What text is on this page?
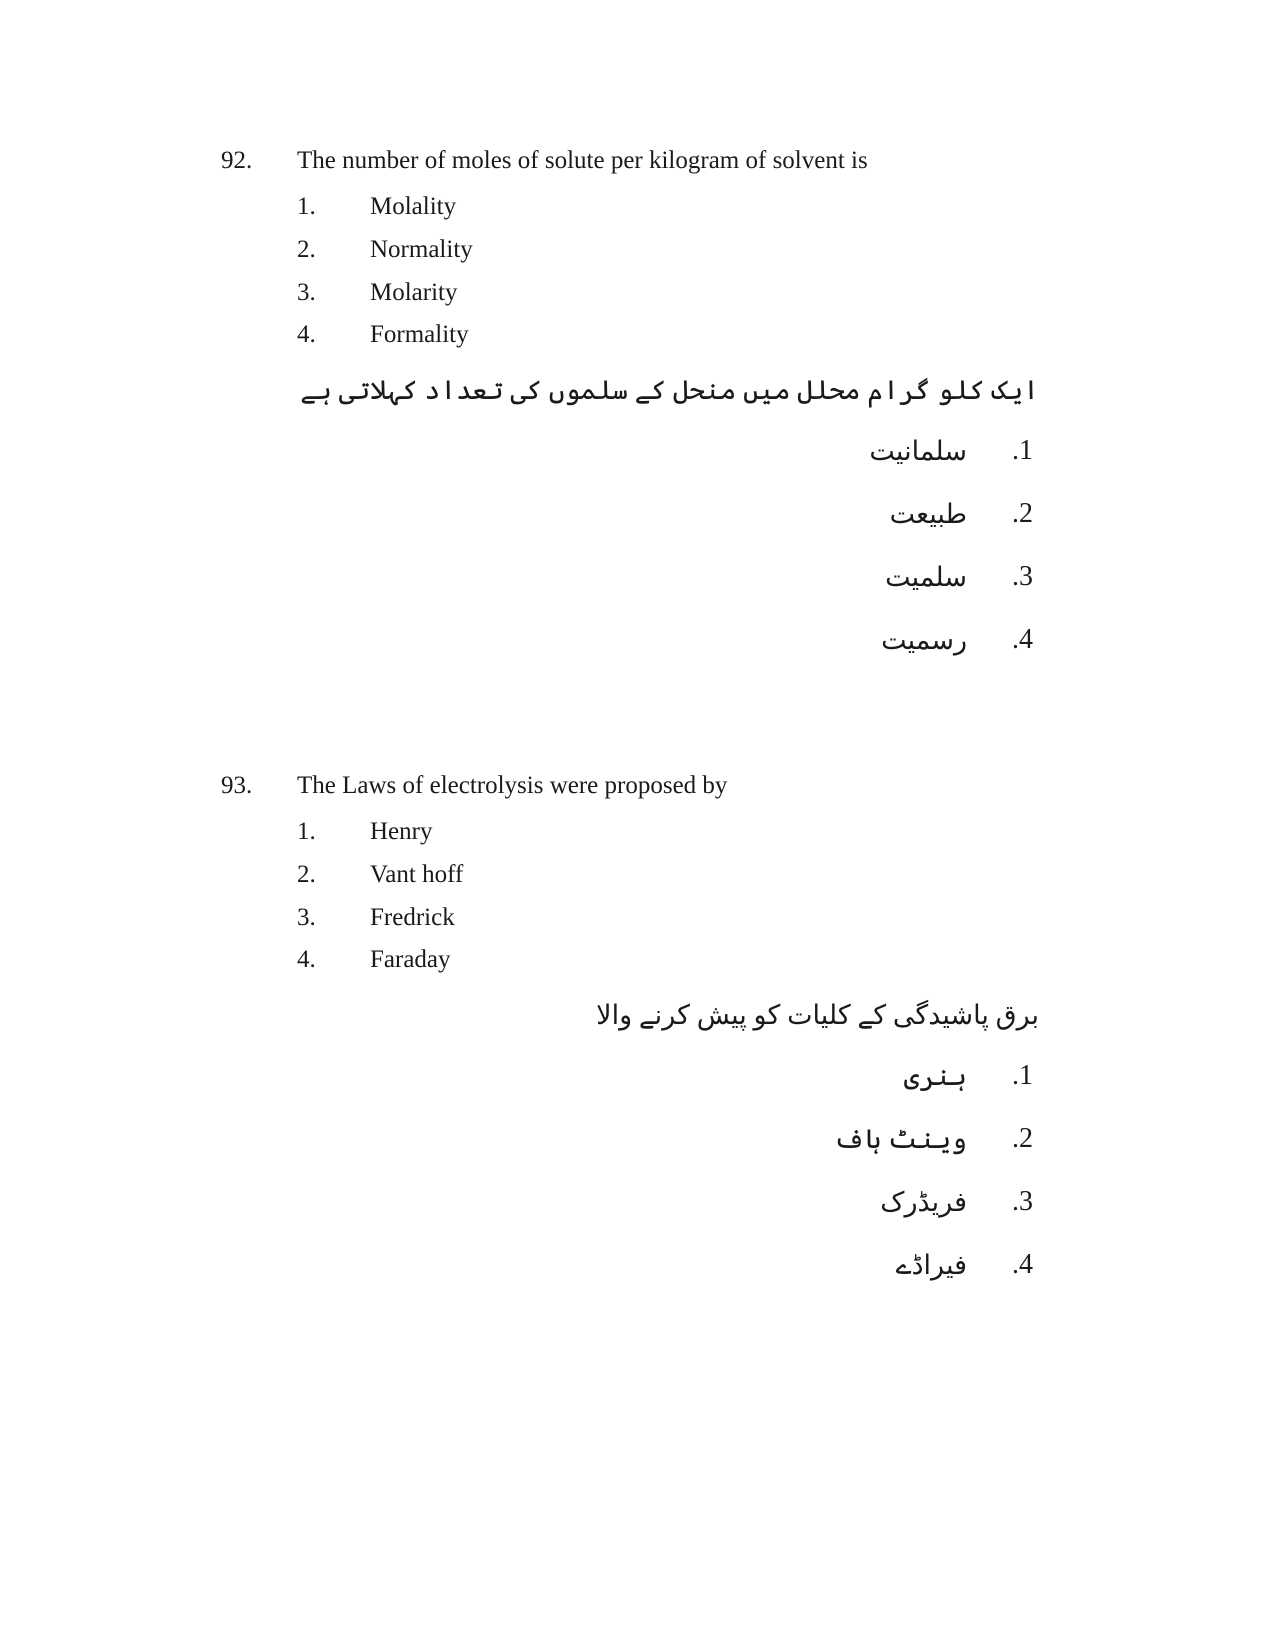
92. The number of moles of solute per kilogram of solvent is
1. Molality
2. Normality
3. Molarity
4. Formality
ایک کلو گرام محلل میں منحل کے سلموں کی تعداد کہلاتی ہے
.1
سلمانیت
.2
طبیعت
.3
سلمیت
.4
رسمیت
93. The Laws of electrolysis were proposed by
1. Henry
2. Vant hoff
3. Fredrick
4. Faraday
برق پاشیدگی کے کلیات کو پیش کرنے والا
.1
ہنری
.2
وینٹ ہاف
.3
فریڈرک
.4
فیراڈے
